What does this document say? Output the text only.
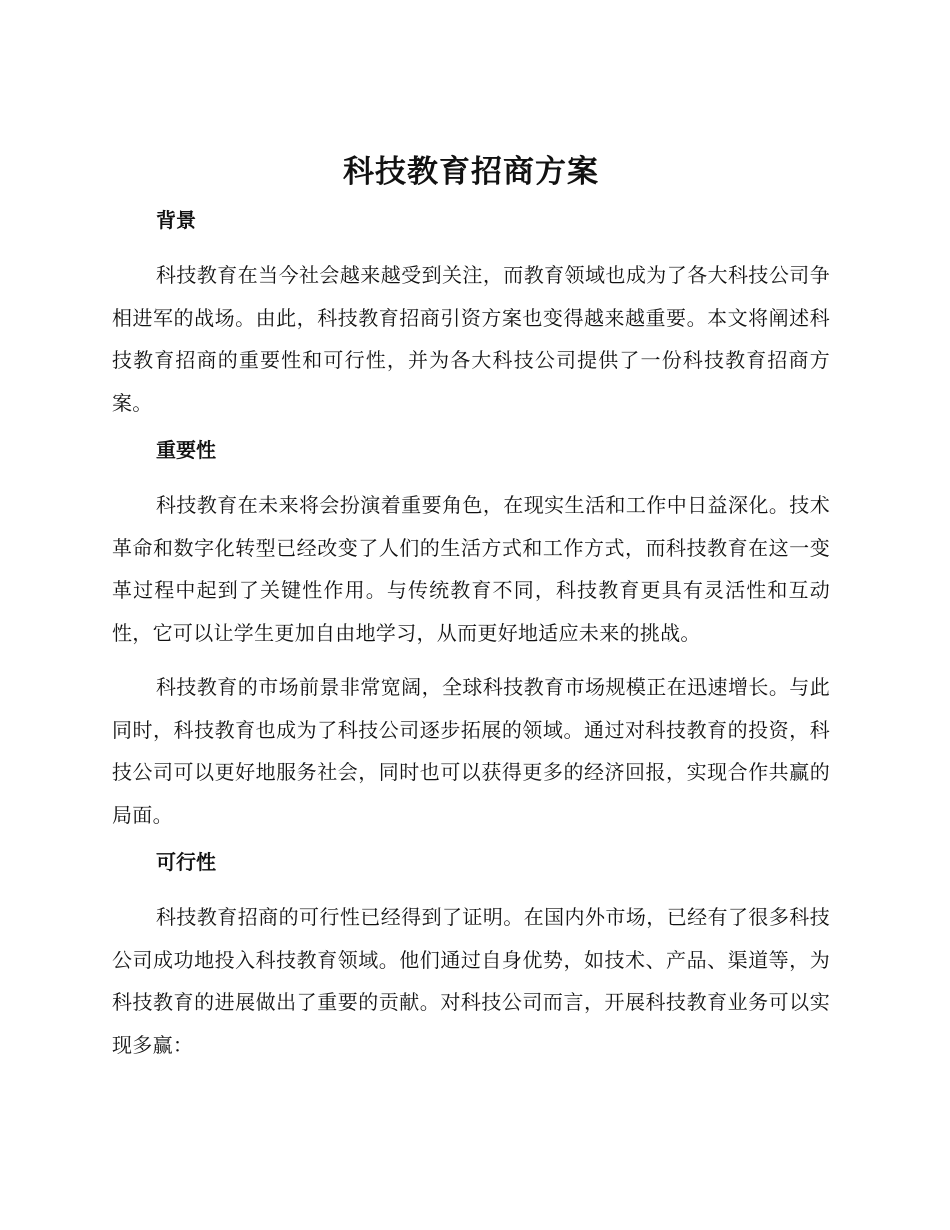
科技教育招商方案
背景

科技教育在当今社会越来越受到关注，而教育领域也成为了各大科技公司争相进军的战场。由此，科技教育招商引资方案也变得越来越重要。本文将阐述科技教育招商的重要性和可行性，并为各大科技公司提供了一份科技教育招商方案。

重要性

科技教育在未来将会扮演着重要角色，在现实生活和工作中日益深化。技术革命和数字化转型已经改变了人们的生活方式和工作方式，而科技教育在这一变革过程中起到了关键性作用。与传统教育不同，科技教育更具有灵活性和互动性，它可以让学生更加自由地学习，从而更好地适应未来的挑战。

科技教育的市场前景非常宽阔，全球科技教育市场规模正在迅速增长。与此同时，科技教育也成为了科技公司逐步拓展的领域。通过对科技教育的投资，科技公司可以更好地服务社会，同时也可以获得更多的经济回报，实现合作共赢的局面。

可行性

科技教育招商的可行性已经得到了证明。在国内外市场，已经有了很多科技公司成功地投入科技教育领域。他们通过自身优势，如技术、产品、渠道等，为科技教育的进展做出了重要的贡献。对科技公司而言，开展科技教育业务可以实现多赢：
